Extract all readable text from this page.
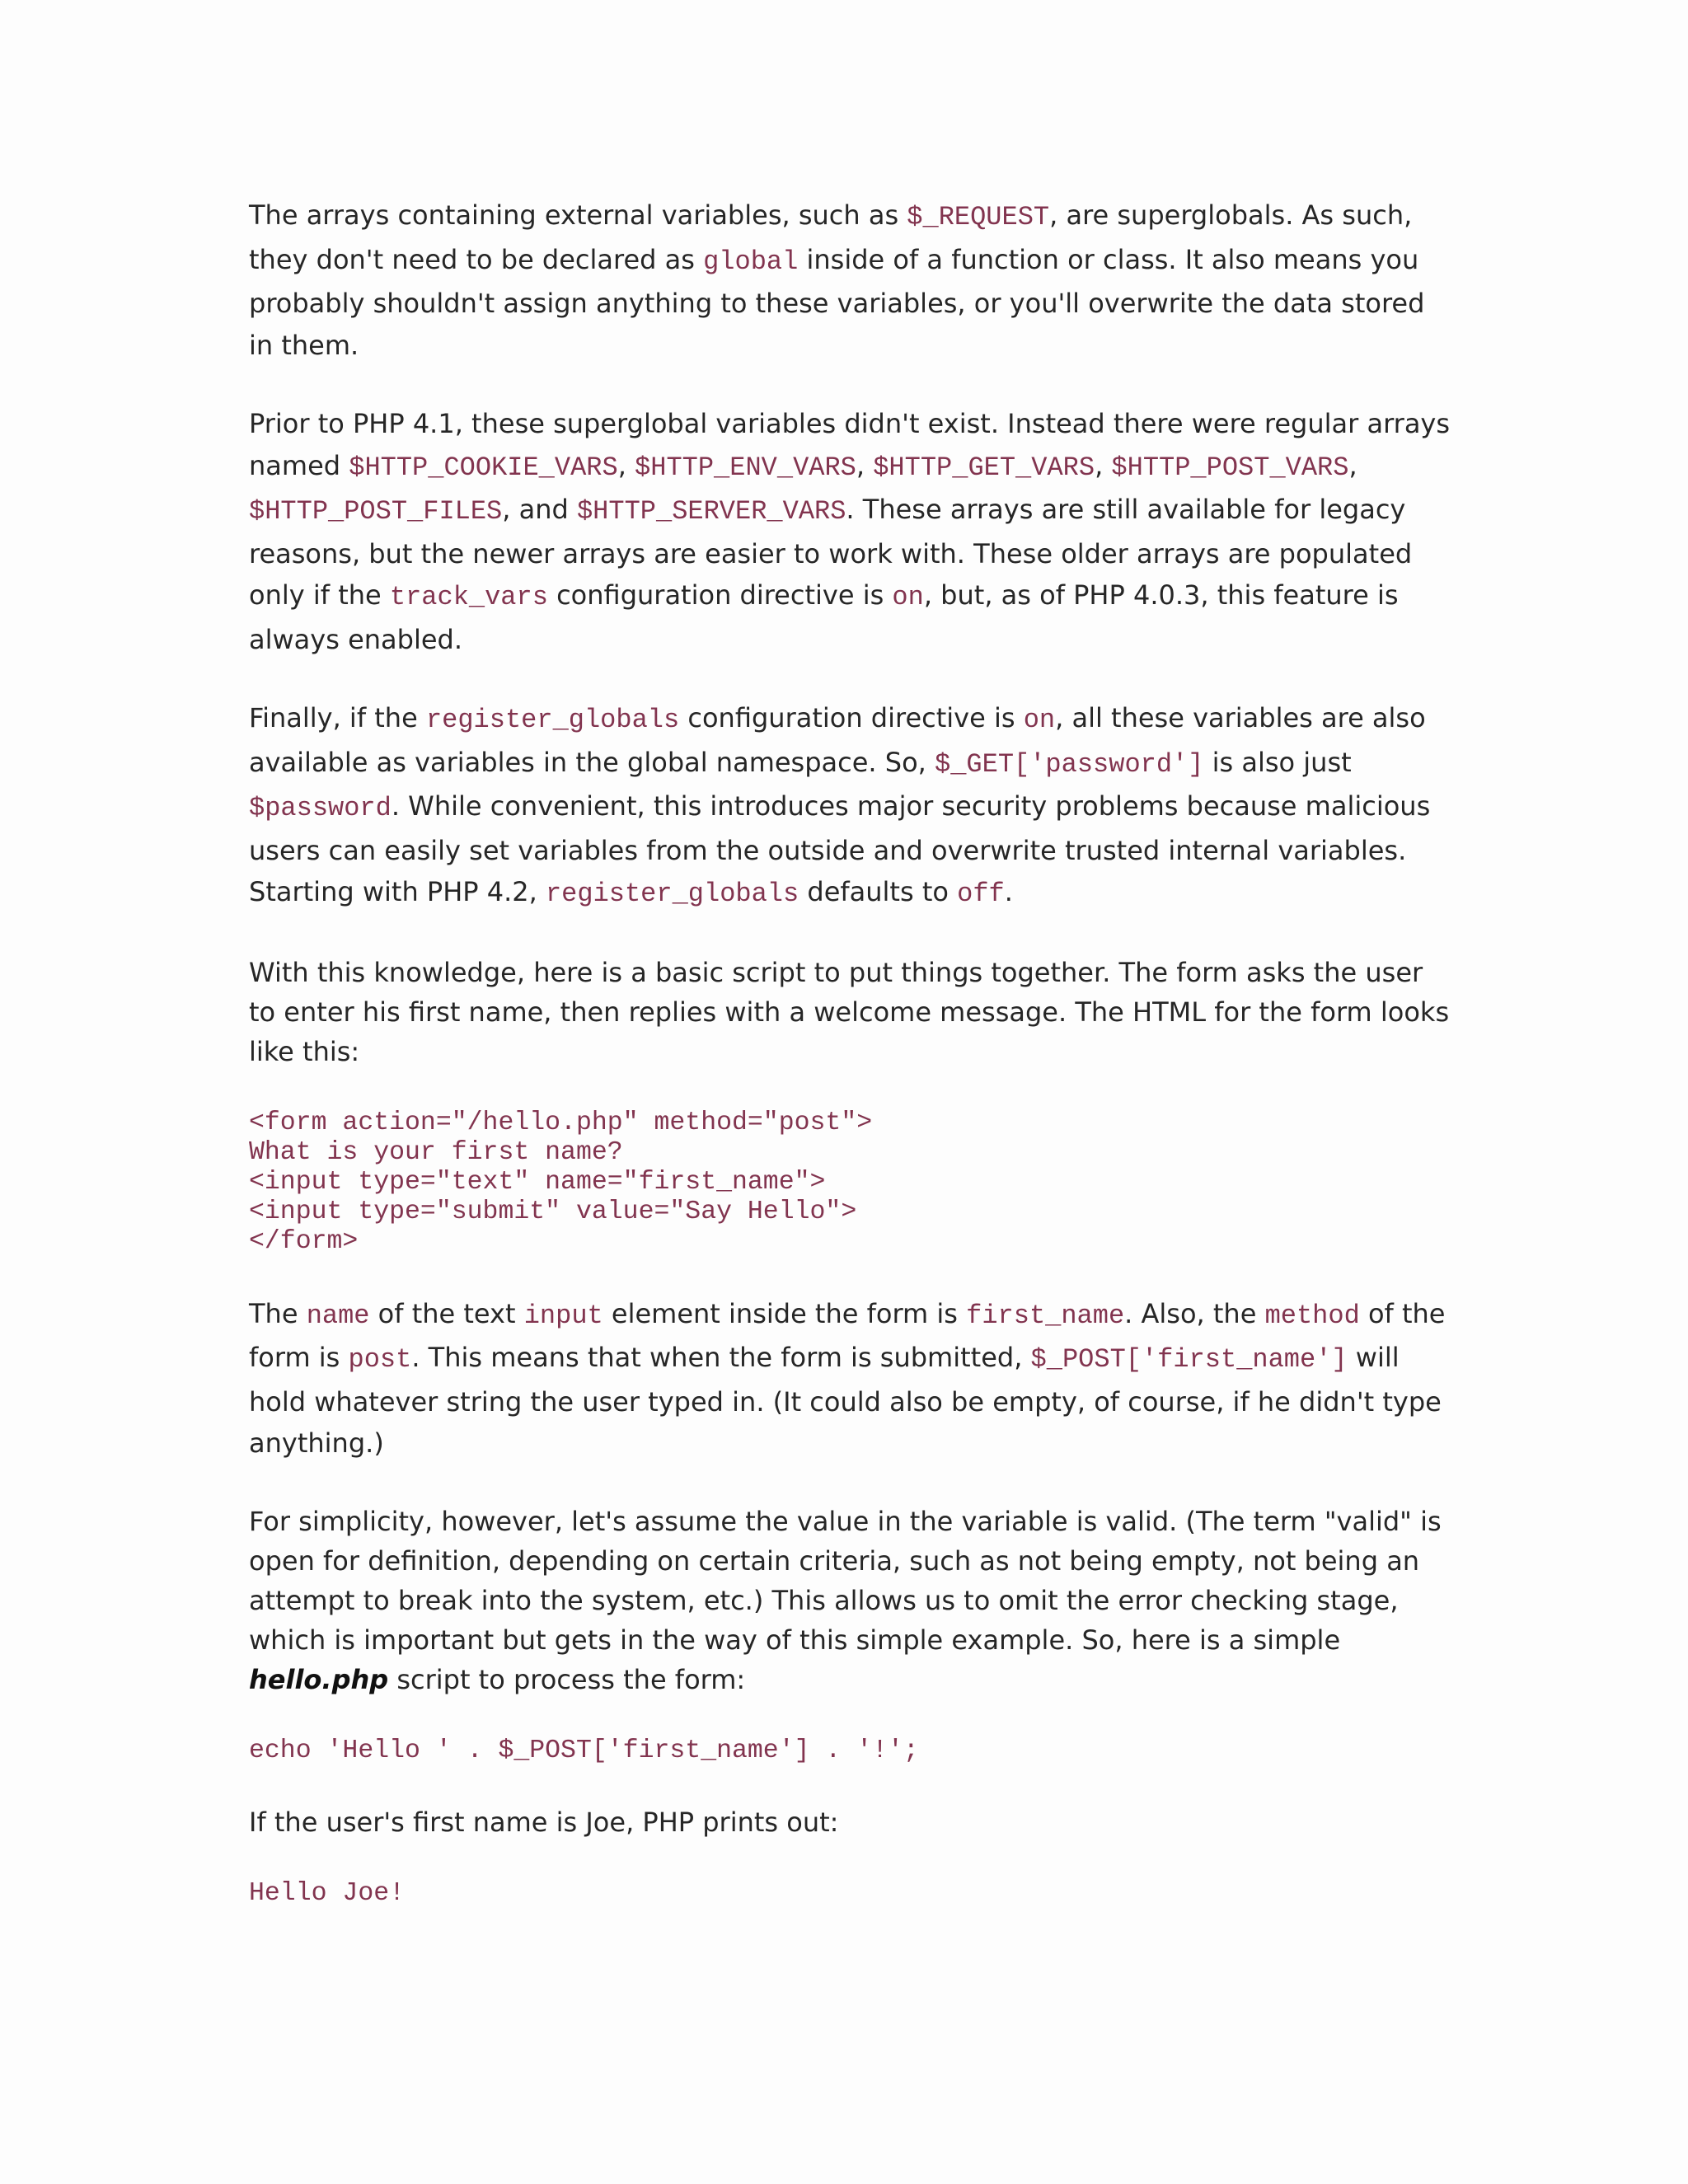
The arrays containing external variables, such as $_REQUEST, are superglobals. As such, they don't need to be declared as global inside of a function or class. It also means you probably shouldn't assign anything to these variables, or you'll overwrite the data stored in them.

Prior to PHP 4.1, these superglobal variables didn't exist. Instead there were regular arrays named $HTTP_COOKIE_VARS, $HTTP_ENV_VARS, $HTTP_GET_VARS, $HTTP_POST_VARS, $HTTP_POST_FILES, and $HTTP_SERVER_VARS. These arrays are still available for legacy reasons, but the newer arrays are easier to work with. These older arrays are populated only if the track_vars configuration directive is on, but, as of PHP 4.0.3, this feature is always enabled.

Finally, if the register_globals configuration directive is on, all these variables are also available as variables in the global namespace. So, $_GET['password'] is also just $password. While convenient, this introduces major security problems because malicious users can easily set variables from the outside and overwrite trusted internal variables. Starting with PHP 4.2, register_globals defaults to off.

With this knowledge, here is a basic script to put things together. The form asks the user to enter his first name, then replies with a welcome message. The HTML for the form looks like this:

<form action="/hello.php" method="post">
What is your first name?
<input type="text" name="first_name">
<input type="submit" value="Say Hello">
</form>

The name of the text input element inside the form is first_name. Also, the method of the form is post. This means that when the form is submitted, $_POST['first_name'] will hold whatever string the user typed in. (It could also be empty, of course, if he didn't type anything.)

For simplicity, however, let's assume the value in the variable is valid. (The term "valid" is open for definition, depending on certain criteria, such as not being empty, not being an attempt to break into the system, etc.) This allows us to omit the error checking stage, which is important but gets in the way of this simple example. So, here is a simple hello.php script to process the form:

echo 'Hello ' . $_POST['first_name'] . '!';

If the user's first name is Joe, PHP prints out:

Hello Joe!
